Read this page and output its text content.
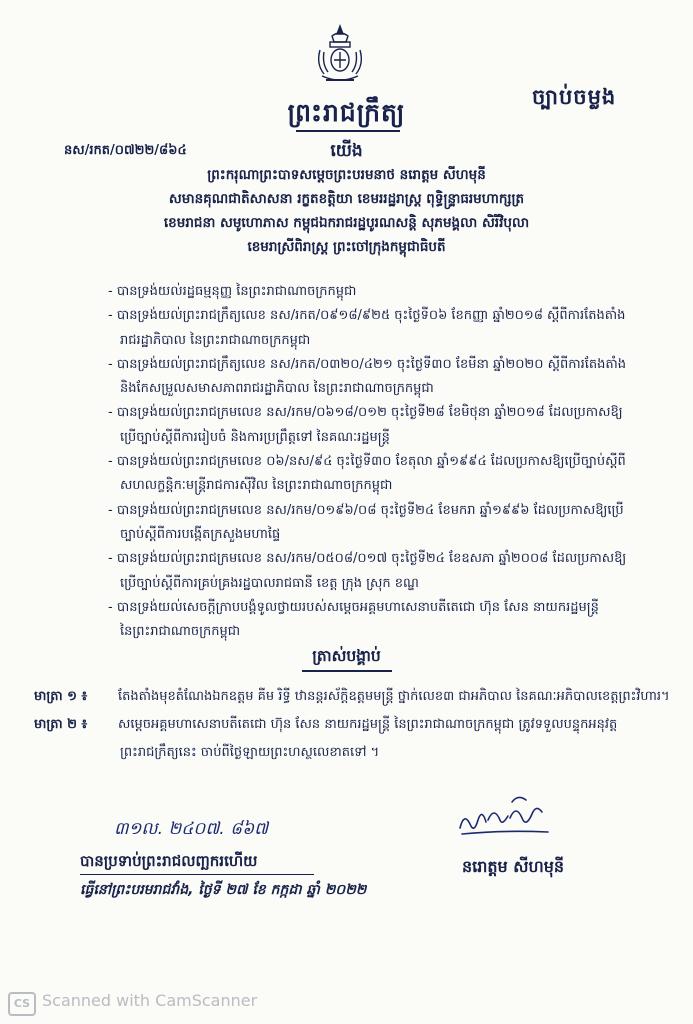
ព្រះរាជក្រឹត្យ
ច្បាប់ចម្លង
នស/រកត/០៧២២/៨៦៤	យើង
ព្រះករុណាព្រះបាទសម្តេចព្រះបរមនាថ នរោត្តម សីហមុនី
សមានគុណជាតិសាសនា រក្ខតខត្តិយា ខេមររដ្ឋរាស្ត្រ ពុទ្ធិន្ទ្រាធរមហាក្សត្រ
ខេមរាជនា សមូហោភាស កម្ពុជឯករាជរដ្ឋបូរណសន្តិ សុភមង្គលា សិរីវិបុលា
ខេមរាស្រីពិរាស្ត្រ ព្រះចៅក្រុងកម្ពុជាធិបតី
- បានទ្រង់យល់រដ្ឋធម្មនុញ្ញ នៃព្រះរាជាណាចក្រកម្ពុជា
- បានទ្រង់យល់ព្រះរាជក្រឹត្យលេខ នស/រកត/០៩១៨/៩២៥ ចុះថ្ងៃទី០៦ ខែកញ្ញា ឆ្នាំ២០១៨ ស្តីពីការតែងតាំង
រាជរដ្ឋាភិបាល នៃព្រះរាជាណាចក្រកម្ពុជា
- បានទ្រង់យល់ព្រះរាជក្រឹត្យលេខ នស/រកត/០៣២០/៤២១ ចុះថ្ងៃទី៣០ ខែមីនា ឆ្នាំ២០២០ ស្តីពីការតែងតាំង
និងកែសម្រួលសមាសភាពរាជរដ្ឋាភិបាល នៃព្រះរាជាណាចក្រកម្ពុជា
- បានទ្រង់យល់ព្រះរាជក្រមលេខ នស/រកម/០៦១៨/០១២ ចុះថ្ងៃទី២៨ ខែមិថុនា ឆ្នាំ២០១៨ ដែលប្រកាសឱ្យ
ប្រើច្បាប់ស្តីពីការរៀបចំ និងការប្រព្រឹត្តទៅ នៃគណៈរដ្ឋមន្ត្រី
- បានទ្រង់យល់ព្រះរាជក្រមលេខ ០៦/នស/៩៤ ចុះថ្ងៃទី៣០ ខែតុលា ឆ្នាំ១៩៩៤ ដែលប្រកាសឱ្យប្រើច្បាប់ស្តីពី
សហលក្ខន្តិកៈមន្ត្រីរាជការស៊ីវិល នៃព្រះរាជាណាចក្រកម្ពុជា
- បានទ្រង់យល់ព្រះរាជក្រមលេខ នស/រកម/០១៩៦/០៨ ចុះថ្ងៃទី២៤ ខែមករា ឆ្នាំ១៩៩៦ ដែលប្រកាសឱ្យប្រើ
ច្បាប់ស្តីពីការបង្កើតក្រសួងមហាផ្ទៃ
- បានទ្រង់យល់ព្រះរាជក្រមលេខ នស/រកម/០៥០៨/០១៧ ចុះថ្ងៃទី២៤ ខែឧសភា ឆ្នាំ២០០៨ ដែលប្រកាសឱ្យ
ប្រើច្បាប់ស្តីពីការគ្រប់គ្រងរដ្ឋបាលរាជធានី ខេត្ត ក្រុង ស្រុក ខណ្ឌ
- បានទ្រង់យល់សេចក្តីក្រាបបង្គំទូលថ្វាយរបស់សម្តេចអគ្គមហាសេនាបតីតេជោ ហ៊ុន សែន នាយករដ្ឋមន្ត្រី
នៃព្រះរាជាណាចក្រកម្ពុជា
ត្រាស់បង្គាប់
មាត្រា ១ ៖ តែងតាំងមុខតំណែងឯកឧត្តម គីម រិទ្ធី ឋានន្តរស័ក្តិឧត្តមមន្ត្រី ថ្នាក់លេខ៣ ជាអភិបាល នៃគណៈអភិបាលខេត្តព្រះវិហារ។
មាត្រា ២ ៖ សម្តេចអគ្គមហាសេនាបតីតេជោ ហ៊ុន សែន នាយករដ្ឋមន្ត្រី នៃព្រះរាជាណាចក្រកម្ពុជា ត្រូវទទួលបន្ទុកអនុវត្ត
ព្រះរាជក្រឹត្យនេះ ចាប់ពីថ្ងៃឡាយព្រះហស្ថលេខាតទៅ ។
៣១ល. ២៤០៧. ៨៦៧
បានប្រទាប់ព្រះរាជលញ្ឆករហើយ	នរោត្តម សីហមុនី
ធ្វើនៅព្រះបរមរាជវាំង, ថ្ងៃទី ២៧ ខែ កក្កដា ឆ្នាំ ២០២២
CS Scanned with CamScanner
